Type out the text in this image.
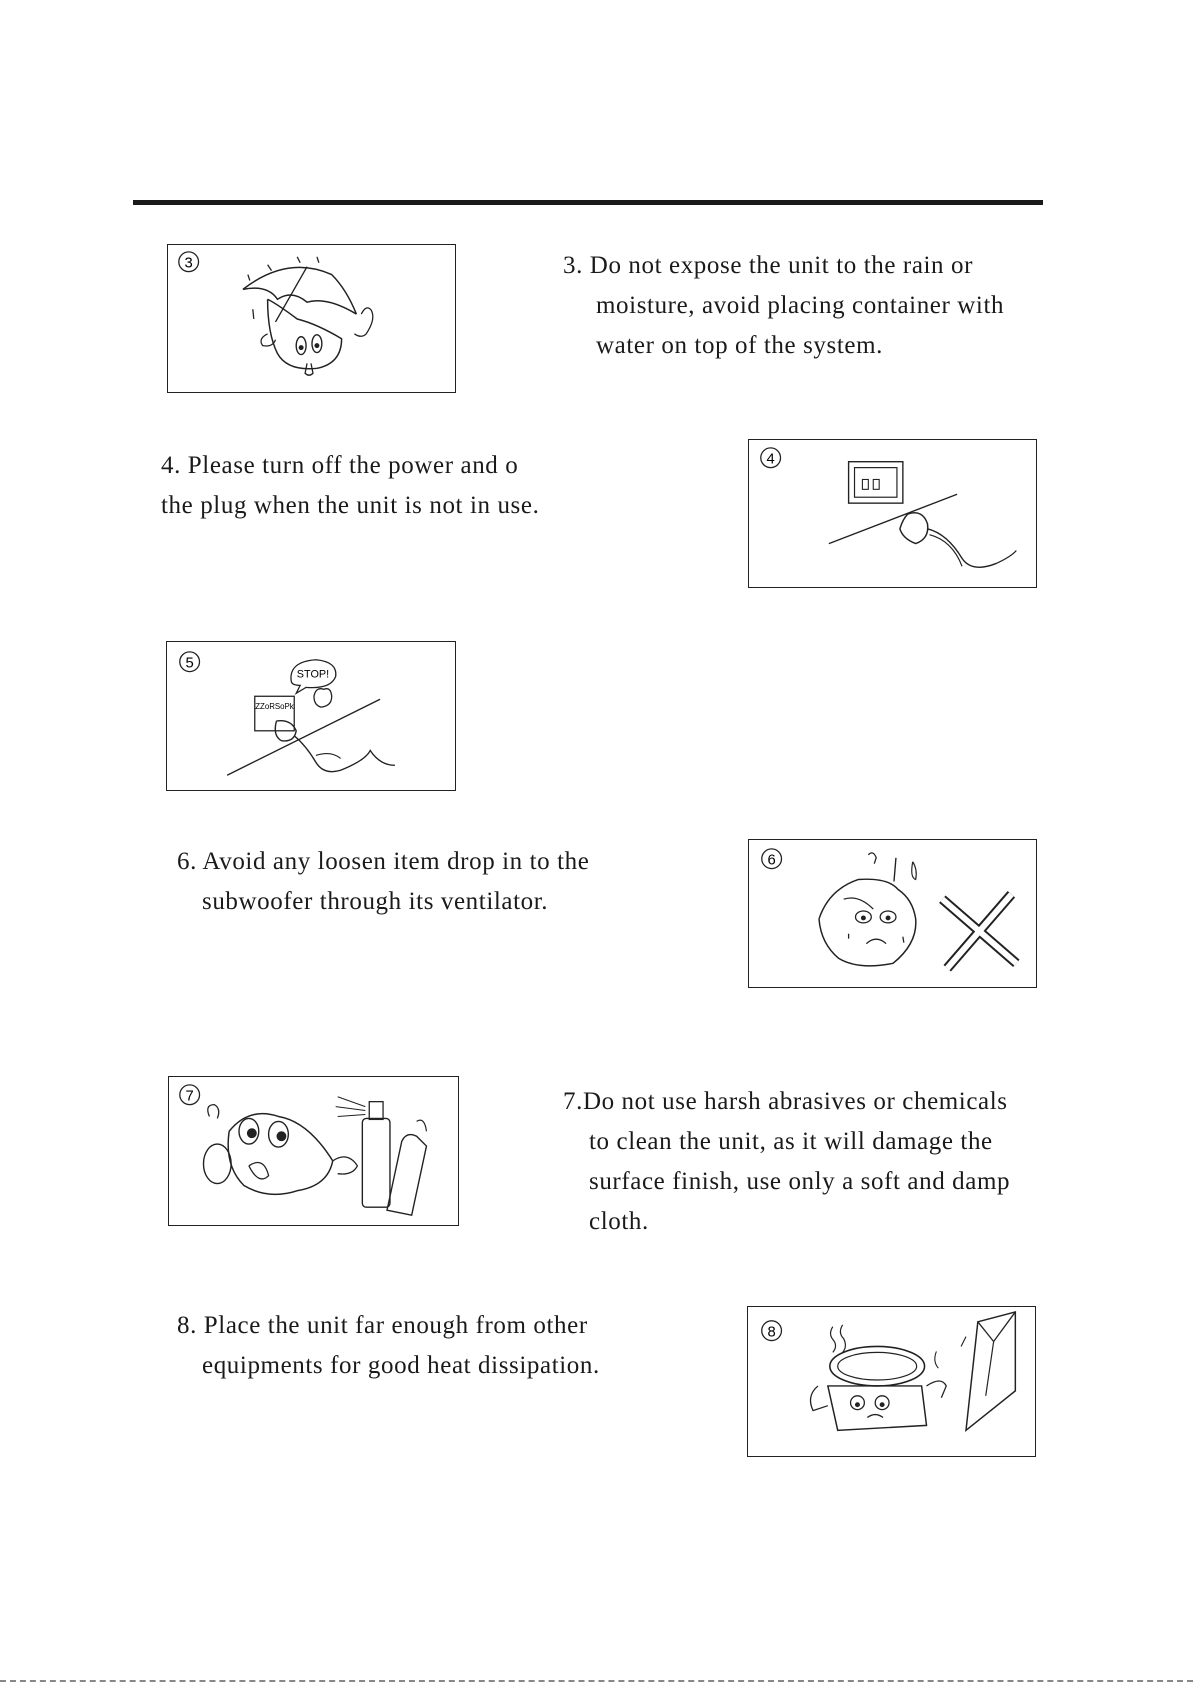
3	3. Do not expose the unit to the rain or
moisture, avoid placing container with
water on top of the system.
4. Please turn off the power and o
the plug when the unit is not in use.
4
5
STOP!
ZZoRSoPk
6. Avoid any loosen item drop in to the
subwoofer through its ventilator.
6
7	7.Do not use harsh abrasives or chemicals
to clean the unit, as it will damage the
surface finish, use only a soft and damp
cloth.
8. Place the unit far enough from other
equipments for good heat dissipation.
8
